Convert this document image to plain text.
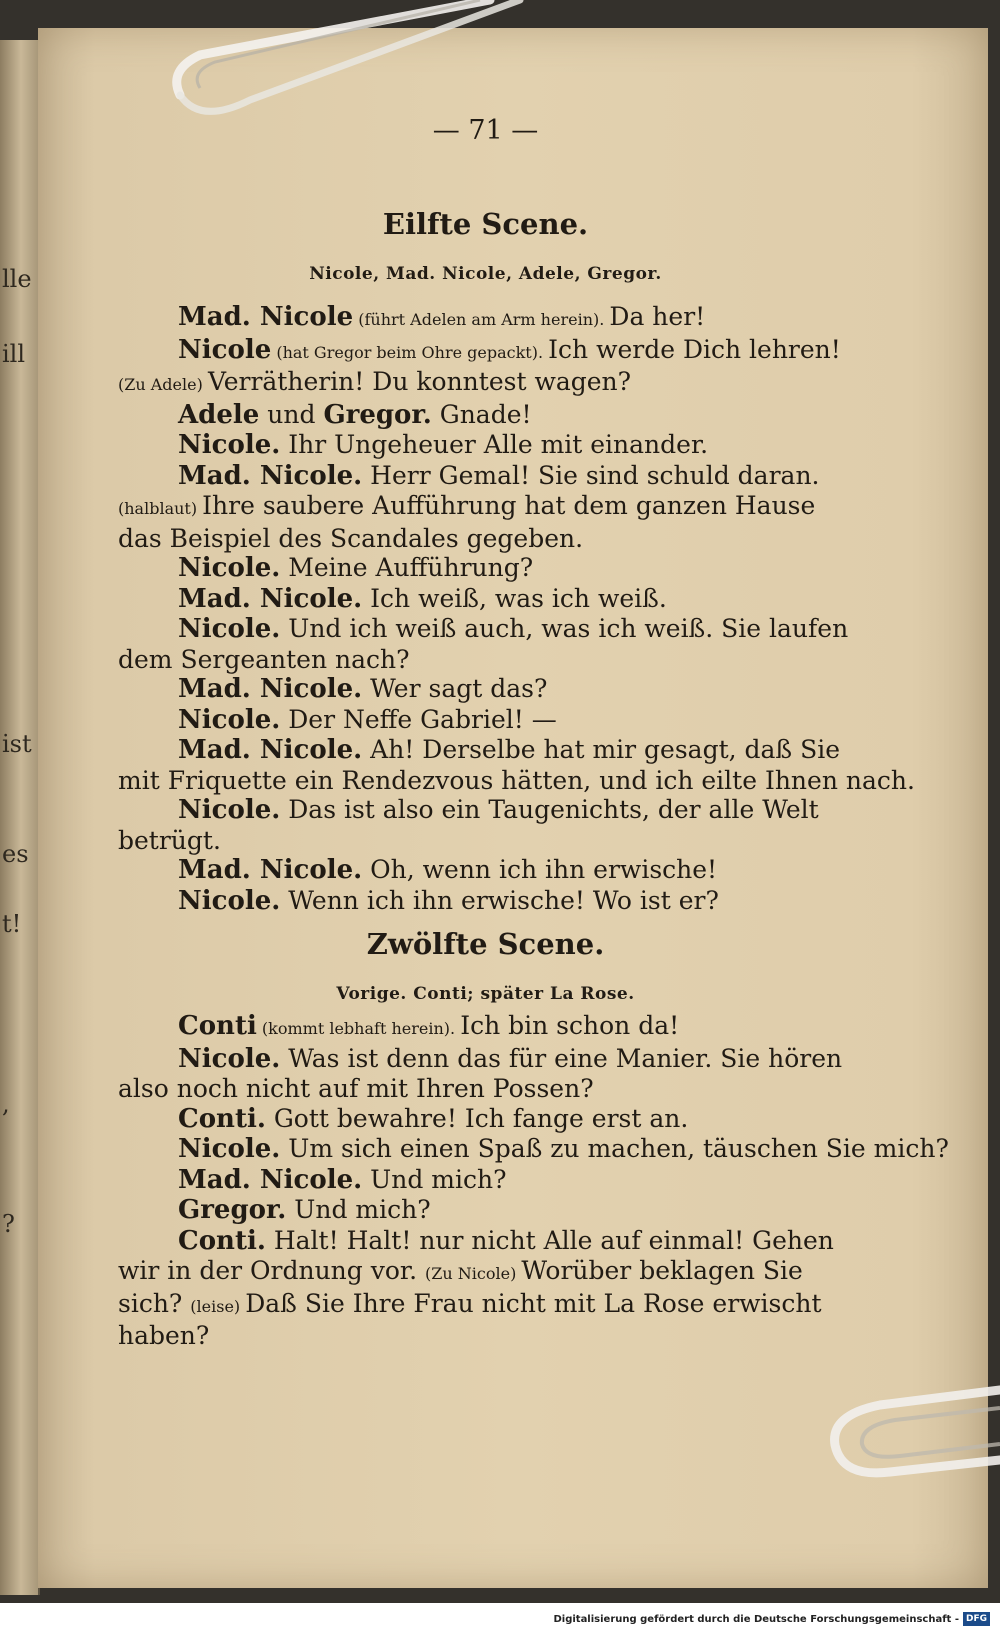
lle
ill
ist
es
t!
,
?
— 71 —
Eilfte Scene.
Nicole, Mad. Nicole, Adele, Gregor.
Mad. Nicole (führt Adelen am Arm herein). Da her!
Nicole (hat Gregor beim Ohre gepackt). Ich werde Dich lehren!
(Zu Adele) Verrätherin! Du konntest wagen?
Adele und Gregor. Gnade!
Nicole. Ihr Ungeheuer Alle mit einander.
Mad. Nicole. Herr Gemal! Sie sind schuld daran.
(halblaut) Ihre saubere Aufführung hat dem ganzen Hause
das Beispiel des Scandales gegeben.
Nicole. Meine Aufführung?
Mad. Nicole. Ich weiß, was ich weiß.
Nicole. Und ich weiß auch, was ich weiß. Sie laufen
dem Sergeanten nach?
Mad. Nicole. Wer sagt das?
Nicole. Der Neffe Gabriel! —
Mad. Nicole. Ah! Derselbe hat mir gesagt, daß Sie
mit Friquette ein Rendezvous hätten, und ich eilte Ihnen nach.
Nicole. Das ist also ein Taugenichts, der alle Welt
betrügt.
Mad. Nicole. Oh, wenn ich ihn erwische!
Nicole. Wenn ich ihn erwische! Wo ist er?
Zwölfte Scene.
Vorige. Conti; später La Rose.
Conti (kommt lebhaft herein). Ich bin schon da!
Nicole. Was ist denn das für eine Manier. Sie hören
also noch nicht auf mit Ihren Possen?
Conti. Gott bewahre! Ich fange erst an.
Nicole. Um sich einen Spaß zu machen, täuschen Sie mich?
Mad. Nicole. Und mich?
Gregor. Und mich?
Conti. Halt! Halt! nur nicht Alle auf einmal! Gehen
wir in der Ordnung vor. (Zu Nicole) Worüber beklagen Sie
sich? (leise) Daß Sie Ihre Frau nicht mit La Rose erwischt
haben?
Digitalisierung gefördert durch die Deutsche Forschungsgemeinschaft - DFG
